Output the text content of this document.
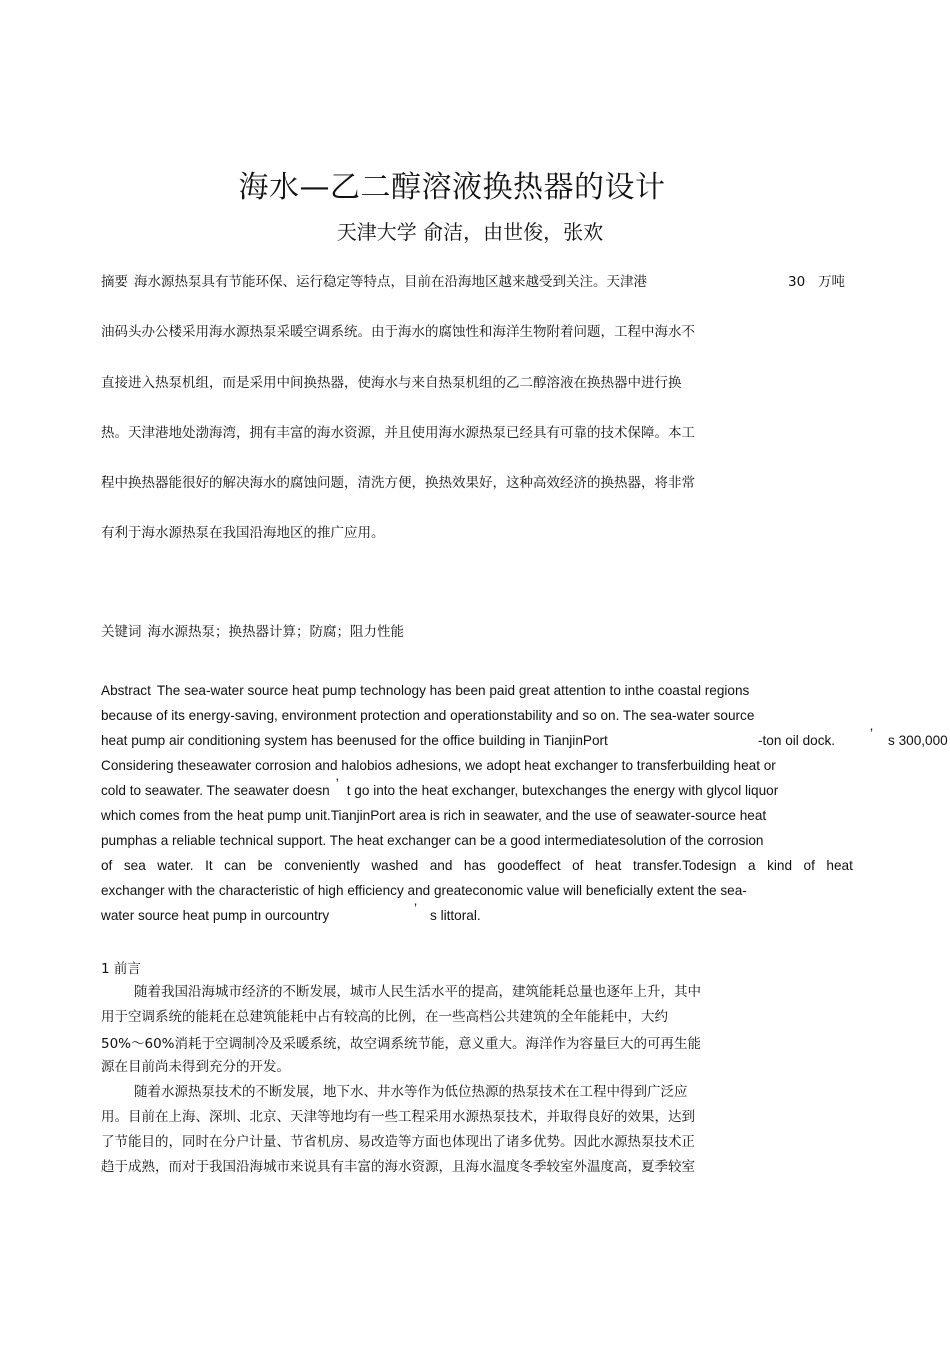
海水—乙二醇溶液换热器的设计
天津大学 俞洁，由世俊，张欢
摘要 海水源热泵具有节能环保、运行稳定等特点，目前在沿海地区越来越受到关注。天津港	30 万吨
油码头办公楼采用海水源热泵采暖空调系统。由于海水的腐蚀性和海洋生物附着问题，工程中海水不
直接进入热泵机组，而是采用中间换热器，使海水与来自热泵机组的乙二醇溶液在换热器中进行换
热。天津港地处渤海湾，拥有丰富的海水资源，并且使用海水源热泵已经具有可靠的技术保障。本工
程中换热器能很好的解决海水的腐蚀问题，清洗方便，换热效果好，这种高效经济的换热器，将非常
有利于海水源热泵在我国沿海地区的推广应用。
关键词 海水源热泵；换热器计算；防腐；阻力性能
Abstract The sea-water source heat pump technology has been paid great attention to inthe coastal regions
because of its energy-saving, environment protection and operationstability and so on. The sea-water source
heat pump air conditioning system has beenused for the office building in TianjinPort	’ s 300,000
-ton oil dock.
Considering theseawater corrosion and halobios adhesions, we adopt heat exchanger to transferbuilding heat or
cold to seawater. The seawater doesn ’ t go into the heat exchanger, butexchanges the energy with glycol liquor
which comes from the heat pump unit.TianjinPort area is rich in seawater, and the use of seawater-source heat
pumphas a reliable technical support. The heat exchanger can be a good intermediatesolution of the corrosion
of sea water. It can be conveniently washed and has goodeffect of heat transfer.Todesign a kind of heat
exchanger with the characteristic of high efficiency and greateconomic value will beneficially extent the sea-
water source heat pump in ourcountry	’ s littoral.
1 前言
随着我国沿海城市经济的不断发展，城市人民生活水平的提高，建筑能耗总量也逐年上升，其中
用于空调系统的能耗在总建筑能耗中占有较高的比例，在一些高档公共建筑的全年能耗中，大约
50%～60%消耗于空调制冷及采暖系统，故空调系统节能，意义重大。海洋作为容量巨大的可再生能
源在目前尚未得到充分的开发。
随着水源热泵技术的不断发展，地下水、井水等作为低位热源的热泵技术在工程中得到广泛应
用。目前在上海、深圳、北京、天津等地均有一些工程采用水源热泵技术，并取得良好的效果，达到
了节能目的，同时在分户计量、节省机房、易改造等方面也体现出了诸多优势。因此水源热泵技术正
趋于成熟，而对于我国沿海城市来说具有丰富的海水资源，且海水温度冬季较室外温度高，夏季较室
